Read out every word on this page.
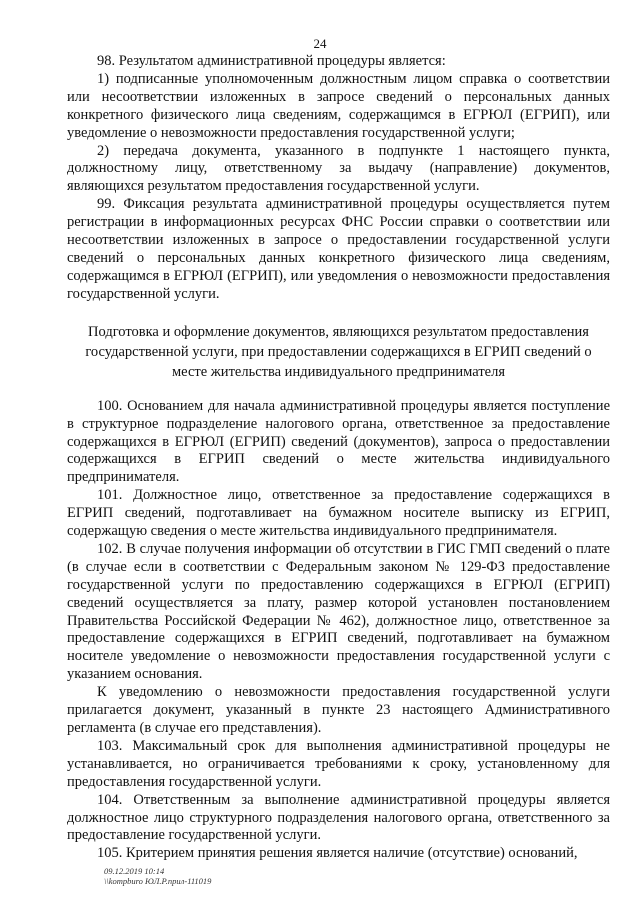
24

98. Результатом административной процедуры является:

1) подписанные уполномоченным должностным лицом справка о соответствии или несоответствии изложенных в запросе сведений о персональных данных конкретного физического лица сведениям, содержащимся в ЕГРЮЛ (ЕГРИП), или уведомление о невозможности предоставления государственной услуги;

2) передача документа, указанного в подпункте 1 настоящего пункта, должностному лицу, ответственному за выдачу (направление) документов, являющихся результатом предоставления государственной услуги.

99. Фиксация результата административной процедуры осуществляется путем регистрации в информационных ресурсах ФНС России справки о соответствии или несоответствии изложенных в запросе о предоставлении государственной услуги сведений о персональных данных конкретного физического лица сведениям, содержащимся в ЕГРЮЛ (ЕГРИП), или уведомления о невозможности предоставления государственной услуги.

Подготовка и оформление документов, являющихся результатом предоставления государственной услуги, при предоставлении содержащихся в ЕГРИП сведений о месте жительства индивидуального предпринимателя

100. Основанием для начала административной процедуры является поступление в структурное подразделение налогового органа, ответственное за предоставление содержащихся в ЕГРЮЛ (ЕГРИП) сведений (документов), запроса о предоставлении содержащихся в ЕГРИП сведений о месте жительства индивидуального предпринимателя.

101. Должностное лицо, ответственное за предоставление содержащихся в ЕГРИП сведений, подготавливает на бумажном носителе выписку из ЕГРИП, содержащую сведения о месте жительства индивидуального предпринимателя.

102. В случае получения информации об отсутствии в ГИС ГМП сведений о плате (в случае если в соответствии с Федеральным законом № 129-ФЗ предоставление государственной услуги по предоставлению содержащихся в ЕГРЮЛ (ЕГРИП) сведений осуществляется за плату, размер которой установлен постановлением Правительства Российской Федерации № 462), должностное лицо, ответственное за предоставление содержащихся в ЕГРИП сведений, подготавливает на бумажном носителе уведомление о невозможности предоставления государственной услуги с указанием основания.

К уведомлению о невозможности предоставления государственной услуги прилагается документ, указанный в пункте 23 настоящего Административного регламента (в случае его представления).

103. Максимальный срок для выполнения административной процедуры не устанавливается, но ограничивается требованиями к сроку, установленному для предоставления государственной услуги.

104. Ответственным за выполнение административной процедуры является должностное лицо структурного подразделения налогового органа, ответственного за предоставление государственной услуги.

105. Критерием принятия решения является наличие (отсутствие) оснований,

09.12.2019 10:14
\\kompburo ЮЛ.Р.прил-111019
